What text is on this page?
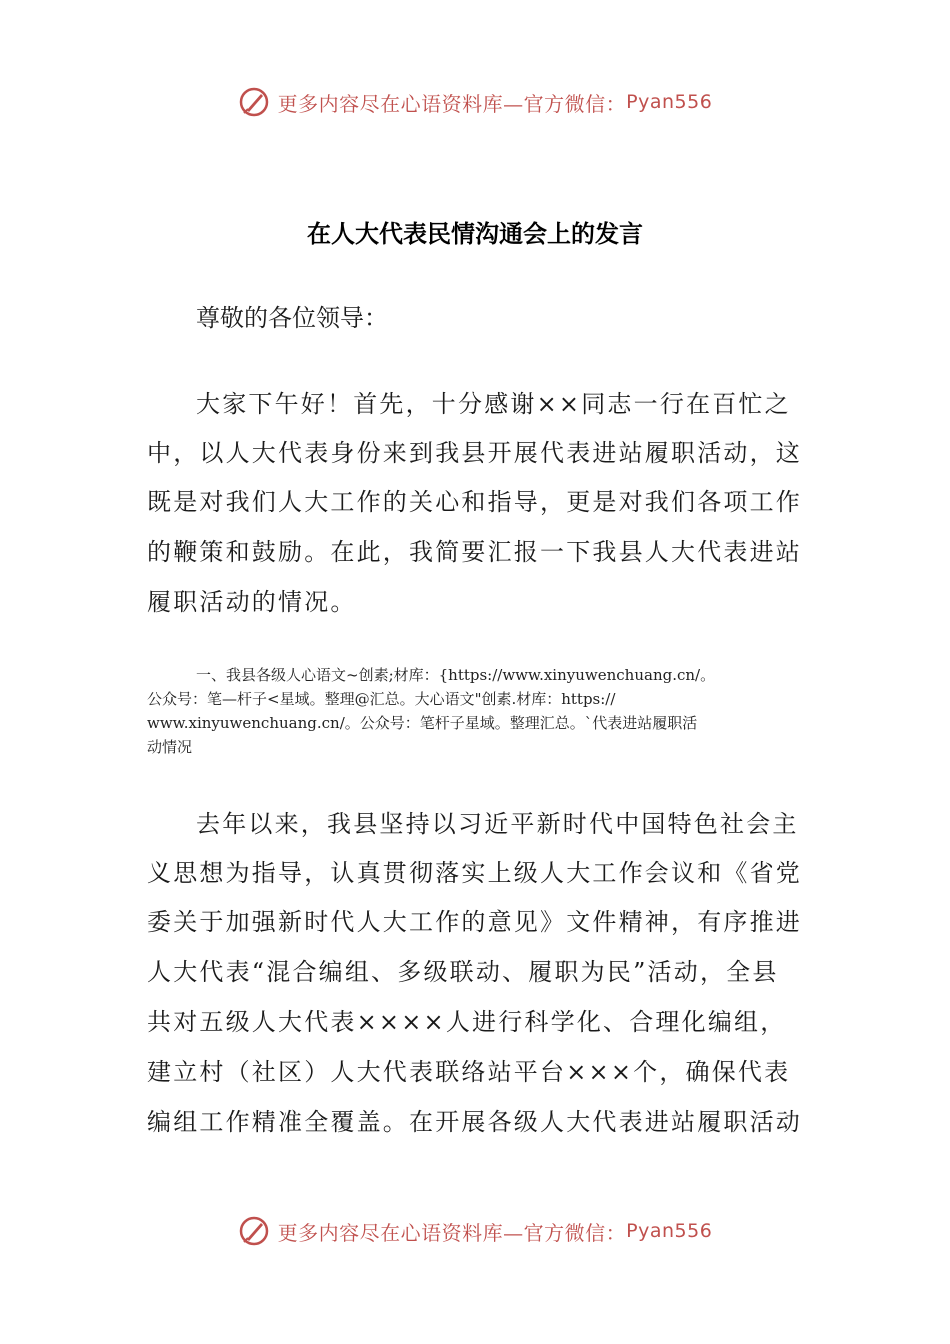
更多内容尽在心语资料库—官方微信： Pyan556
在人大代表民情沟通会上的发言
尊敬的各位领导：
大家下午好！首先，十分感谢××同志一行在百忙之
中，以人大代表身份来到我县开展代表进站履职活动，这
既是对我们人大工作的关心和指导，更是对我们各项工作
的鞭策和鼓励。在此，我简要汇报一下我县人大代表进站
履职活动的情况。
一、我县各级人心语文~创素;材库：{https://www.xinyuwenchuang.cn/。
公众号：笔—杆子<星域。整理@汇总。大心语文"创素.材库：https://
www.xinyuwenchuang.cn/。公众号：笔杆子星域。整理汇总。`代表进站履职活
动情况
去年以来，我县坚持以习近平新时代中国特色社会主
义思想为指导，认真贯彻落实上级人大工作会议和《省党
委关于加强新时代人大工作的意见》文件精神，有序推进
人大代表“混合编组、多级联动、履职为民”活动，全县
共对五级人大代表××××人进行科学化、合理化编组，
建立村（社区）人大代表联络站平台×××个，确保代表
编组工作精准全覆盖。在开展各级人大代表进站履职活动
更多内容尽在心语资料库—官方微信： Pyan556
